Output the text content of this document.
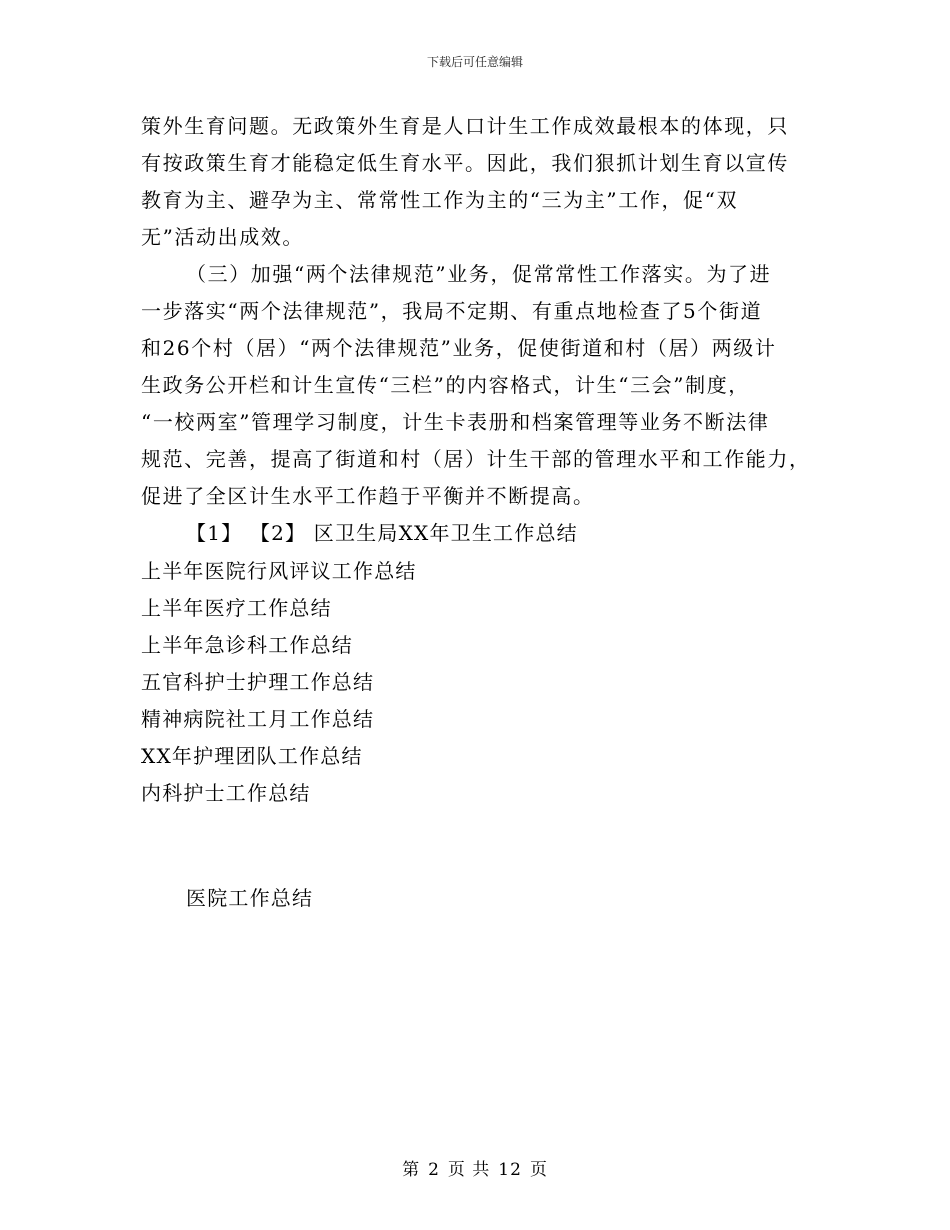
下载后可任意编辑
策外生育问题。无政策外生育是人口计生工作成效最根本的体现，只
有按政策生育才能稳定低生育水平。因此，我们狠抓计划生育以宣传
教育为主、避孕为主、常常性工作为主的“三为主”工作，促“双
无”活动出成效。
（三）加强“两个法律规范”业务，促常常性工作落实。为了进
一步落实“两个法律规范”，我局不定期、有重点地检查了5个街道
和26个村（居）“两个法律规范”业务，促使街道和村（居）两级计
生政务公开栏和计生宣传“三栏”的内容格式，计生“三会”制度，
“一校两室”管理学习制度，计生卡表册和档案管理等业务不断法律
规范、完善，提高了街道和村（居）计生干部的管理水平和工作能力，
促进了全区计生水平工作趋于平衡并不断提高。
【1】 【2】 区卫生局XX年卫生工作总结
上半年医院行风评议工作总结
上半年医疗工作总结
上半年急诊科工作总结
五官科护士护理工作总结
精神病院社工月工作总结
XX年护理团队工作总结
内科护士工作总结
医院工作总结
第 2 页 共 12 页
